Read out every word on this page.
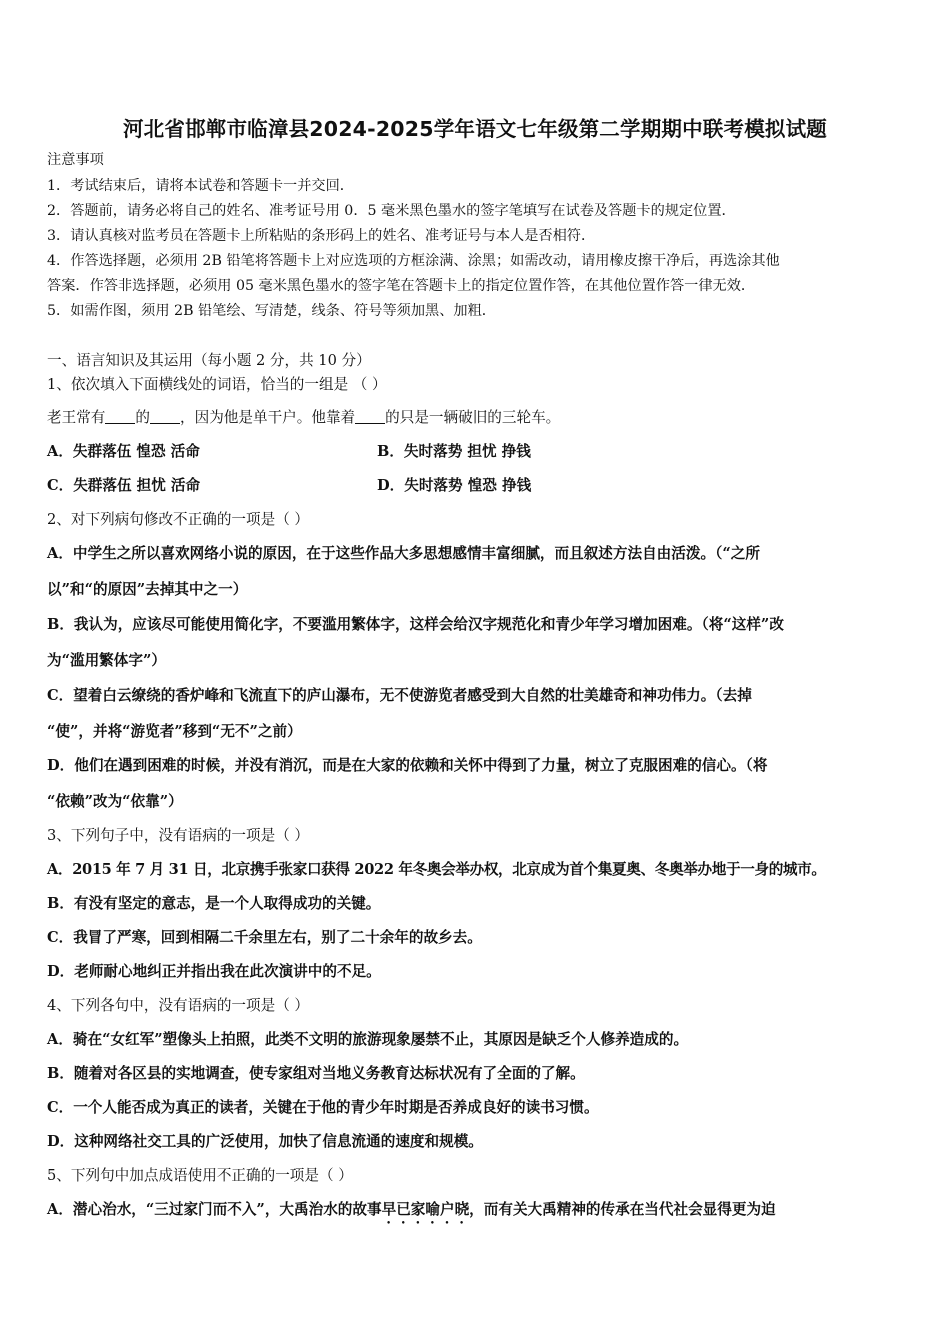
河北省邯郸市临漳县2024-2025学年语文七年级第二学期期中联考模拟试题
注意事项
1．考试结束后，请将本试卷和答题卡一并交回．
2．答题前，请务必将自己的姓名、准考证号用 0．5 毫米黑色墨水的签字笔填写在试卷及答题卡的规定位置．
3．请认真核对监考员在答题卡上所粘贴的条形码上的姓名、准考证号与本人是否相符．
4．作答选择题，必须用 2B 铅笔将答题卡上对应选项的方框涂满、涂黑；如需改动，请用橡皮擦干净后，再选涂其他
答案．作答非选择题，必须用 05 毫米黑色墨水的签字笔在答题卡上的指定位置作答，在其他位置作答一律无效．
5．如需作图，须用 2B 铅笔绘、写清楚，线条、符号等须加黑、加粗．
一、语言知识及其运用（每小题 2 分，共 10 分）
1、依次填入下面横线处的词语，恰当的一组是 （ ）
老王常有 的 ，因为他是单干户。他靠着 的只是一辆破旧的三轮车。
A．失群落伍 惶恐 活命	B．失时落势 担忧 挣钱
C．失群落伍 担忧 活命	D．失时落势 惶恐 挣钱
2、对下列病句修改不正确的一项是（ ）
A．中学生之所以喜欢网络小说的原因，在于这些作品大多思想感情丰富细腻，而且叙述方法自由活泼。（“之所
以”和“的原因”去掉其中之一）
B．我认为，应该尽可能使用简化字，不要滥用繁体字，这样会给汉字规范化和青少年学习增加困难。（将“这样”改
为“滥用繁体字”）
C．望着白云缭绕的香炉峰和飞流直下的庐山瀑布，无不使游览者感受到大自然的壮美雄奇和神功伟力。（去掉
“使”，并将“游览者”移到“无不”之前）
D．他们在遇到困难的时候，并没有消沉，而是在大家的依赖和关怀中得到了力量，树立了克服困难的信心。（将
“依赖”改为“依靠”）
3、下列句子中，没有语病的一项是（ ）
A．2015 年 7 月 31 日，北京携手张家口获得 2022 年冬奥会举办权，北京成为首个集夏奥、冬奥举办地于一身的城市。
B．有没有坚定的意志，是一个人取得成功的关键。
C．我冒了严寒，回到相隔二千余里左右，别了二十余年的故乡去。
D．老师耐心地纠正并指出我在此次演讲中的不足。
4、下列各句中，没有语病的一项是（ ）
A．骑在“女红军”塑像头上拍照，此类不文明的旅游现象屡禁不止，其原因是缺乏个人修养造成的。
B．随着对各区县的实地调查，使专家组对当地义务教育达标状况有了全面的了解。
C．一个人能否成为真正的读者，关键在于他的青少年时期是否养成良好的读书习惯。
D．这种网络社交工具的广泛使用，加快了信息流通的速度和规模。
5、下列句中加点成语使用不正确的一项是（ ）
A．潜心治水，“三过家门而不入”，大禹治水的故事早已家喻户晓，而有关大禹精神的传承在当代社会显得更为迫
